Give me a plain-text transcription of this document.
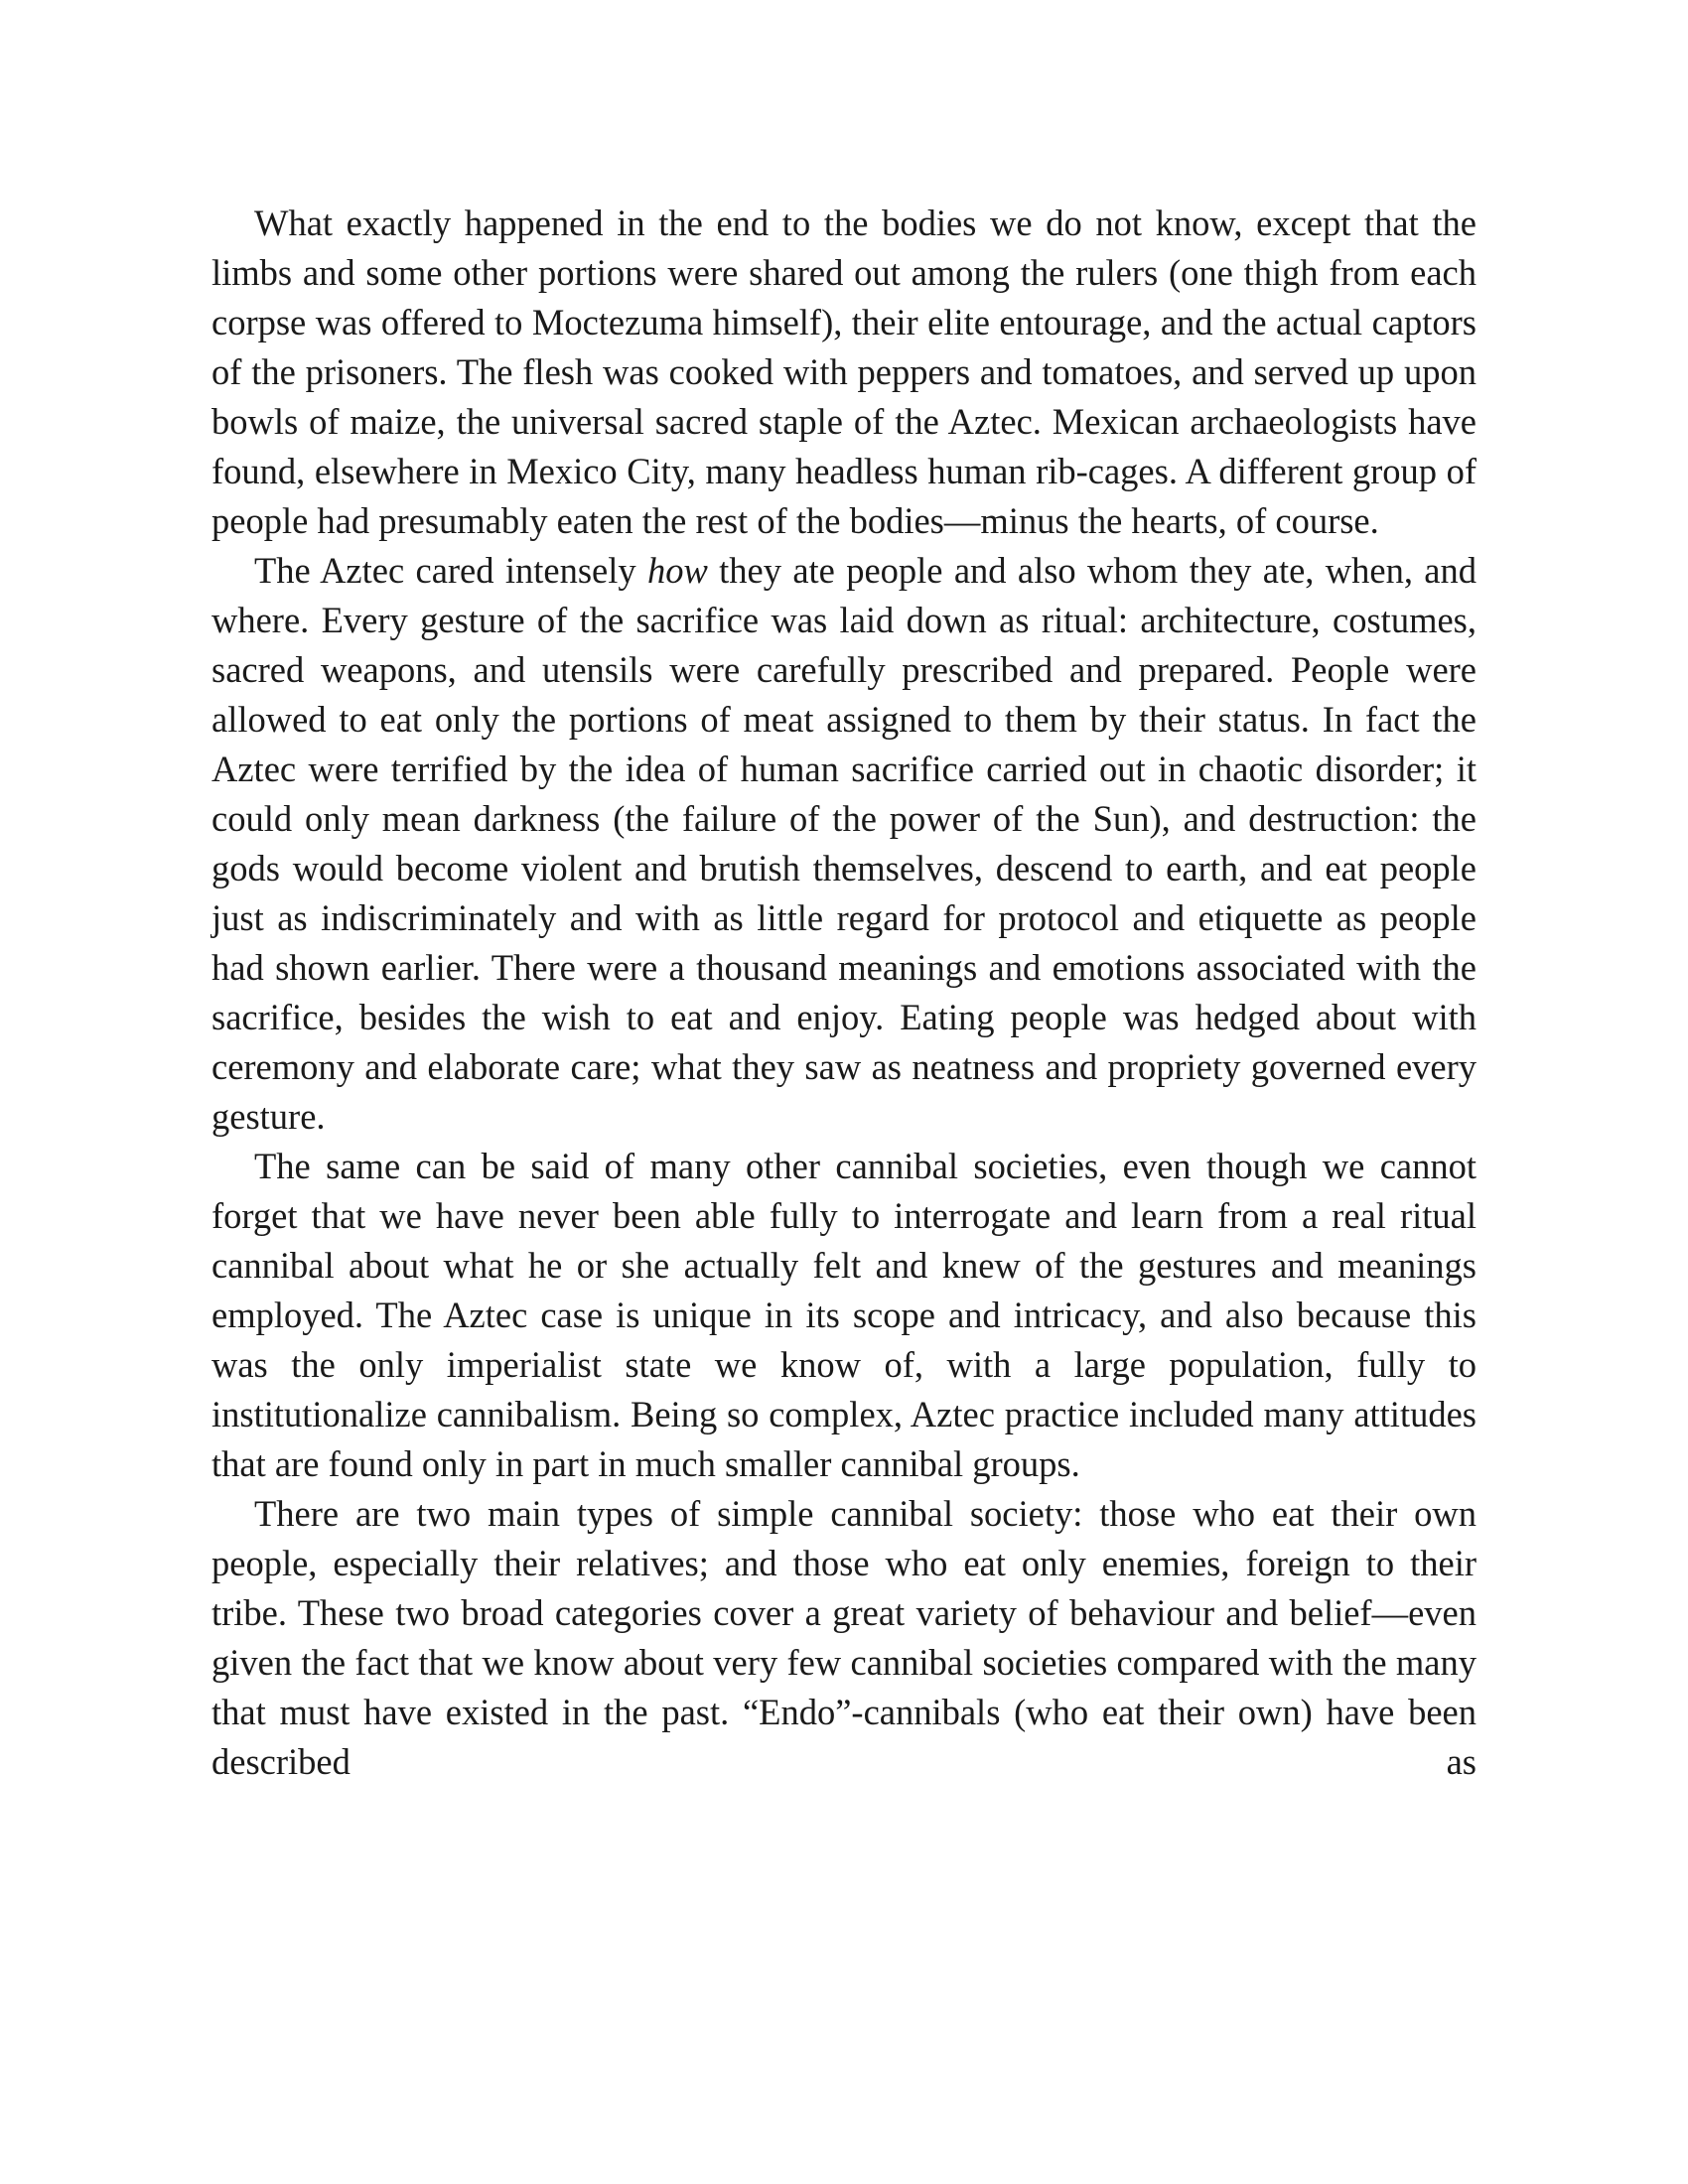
What exactly happened in the end to the bodies we do not know, except that the limbs and some other portions were shared out among the rulers (one thigh from each corpse was offered to Moctezuma himself), their elite entourage, and the actual captors of the prisoners. The flesh was cooked with peppers and tomatoes, and served up upon bowls of maize, the universal sacred staple of the Aztec. Mexican archaeologists have found, elsewhere in Mexico City, many headless human rib-cages. A different group of people had presumably eaten the rest of the bodies—minus the hearts, of course.

The Aztec cared intensely how they ate people and also whom they ate, when, and where. Every gesture of the sacrifice was laid down as ritual: architecture, costumes, sacred weapons, and utensils were carefully prescribed and prepared. People were allowed to eat only the portions of meat assigned to them by their status. In fact the Aztec were terrified by the idea of human sacrifice carried out in chaotic disorder; it could only mean darkness (the failure of the power of the Sun), and destruction: the gods would become violent and brutish themselves, descend to earth, and eat people just as indiscriminately and with as little regard for protocol and etiquette as people had shown earlier. There were a thousand meanings and emotions associated with the sacrifice, besides the wish to eat and enjoy. Eating people was hedged about with ceremony and elaborate care; what they saw as neatness and propriety governed every gesture.

The same can be said of many other cannibal societies, even though we cannot forget that we have never been able fully to interrogate and learn from a real ritual cannibal about what he or she actually felt and knew of the gestures and meanings employed. The Aztec case is unique in its scope and intricacy, and also because this was the only imperialist state we know of, with a large population, fully to institutionalize cannibalism. Being so complex, Aztec practice included many attitudes that are found only in part in much smaller cannibal groups.

There are two main types of simple cannibal society: those who eat their own people, especially their relatives; and those who eat only enemies, foreign to their tribe. These two broad categories cover a great variety of behaviour and belief—even given the fact that we know about very few cannibal societies compared with the many that must have existed in the past. “Endo”-cannibals (who eat their own) have been described as
